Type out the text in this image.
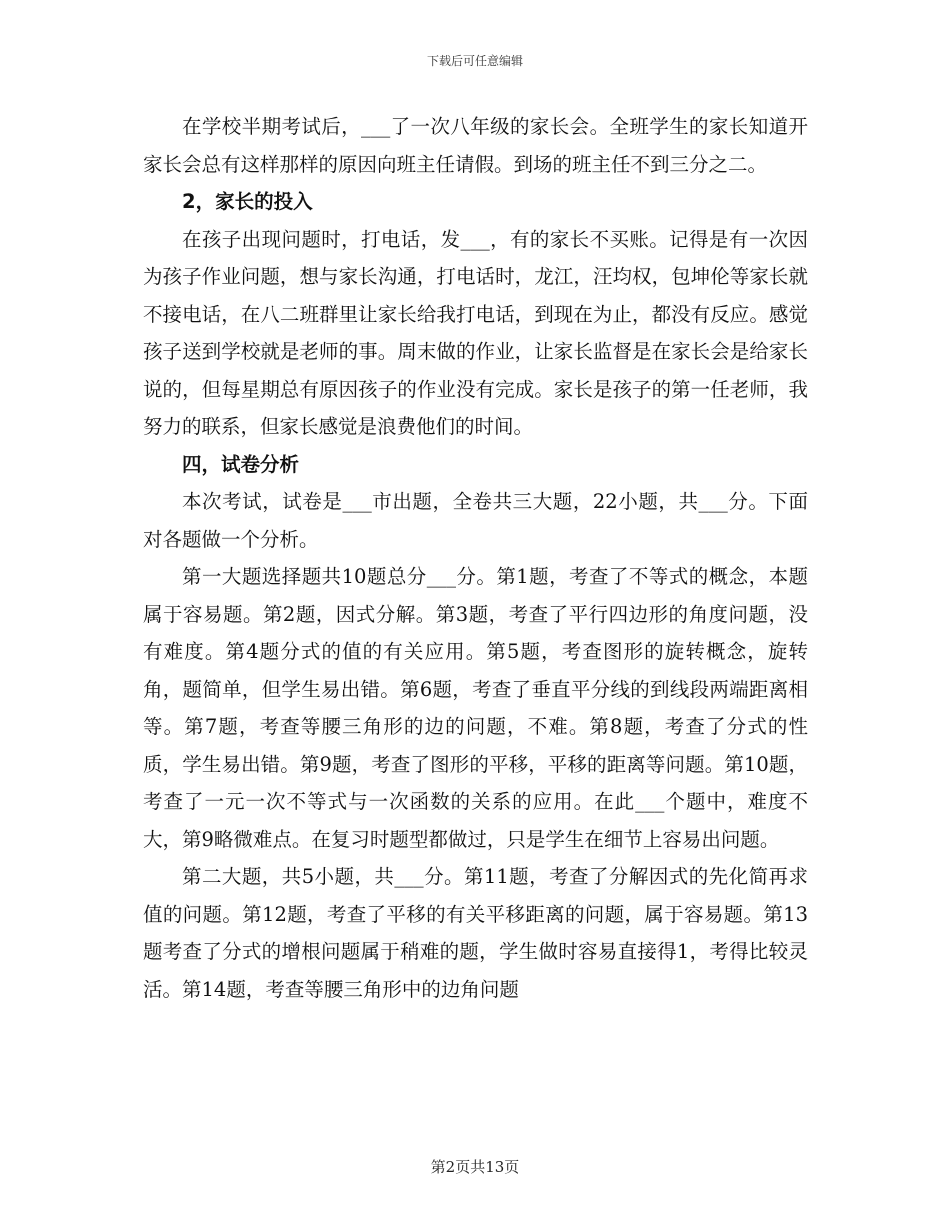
下载后可任意编辑

在学校半期考试后，___了一次八年级的家长会。全班学生的家长知道开家长会总有这样那样的原因向班主任请假。到场的班主任不到三分之二。

2，家长的投入

在孩子出现问题时，打电话，发___，有的家长不买账。记得是有一次因为孩子作业问题，想与家长沟通，打电话时，龙江，汪均权，包坤伦等家长就不接电话，在八二班群里让家长给我打电话，到现在为止，都没有反应。感觉孩子送到学校就是老师的事。周末做的作业，让家长监督是在家长会是给家长说的，但每星期总有原因孩子的作业没有完成。家长是孩子的第一任老师，我努力的联系，但家长感觉是浪费他们的时间。

四，试卷分析

本次考试，试卷是___市出题，全卷共三大题，22小题，共___分。下面对各题做一个分析。

第一大题选择题共10题总分___分。第1题，考查了不等式的概念，本题属于容易题。第2题，因式分解。第3题，考查了平行四边形的角度问题，没有难度。第4题分式的值的有关应用。第5题，考查图形的旋转概念，旋转角，题简单，但学生易出错。第6题，考查了垂直平分线的到线段两端距离相等。第7题，考查等腰三角形的边的问题，不难。第8题，考查了分式的性质，学生易出错。第9题，考查了图形的平移，平移的距离等问题。第10题，考查了一元一次不等式与一次函数的关系的应用。在此___个题中，难度不大，第9略微难点。在复习时题型都做过，只是学生在细节上容易出问题。

第二大题，共5小题，共___分。第11题，考查了分解因式的先化简再求值的问题。第12题，考查了平移的有关平移距离的问题，属于容易题。第13题考查了分式的增根问题属于稍难的题，学生做时容易直接得1，考得比较灵活。第14题，考查等腰三角形中的边角问题

第2页共13页
